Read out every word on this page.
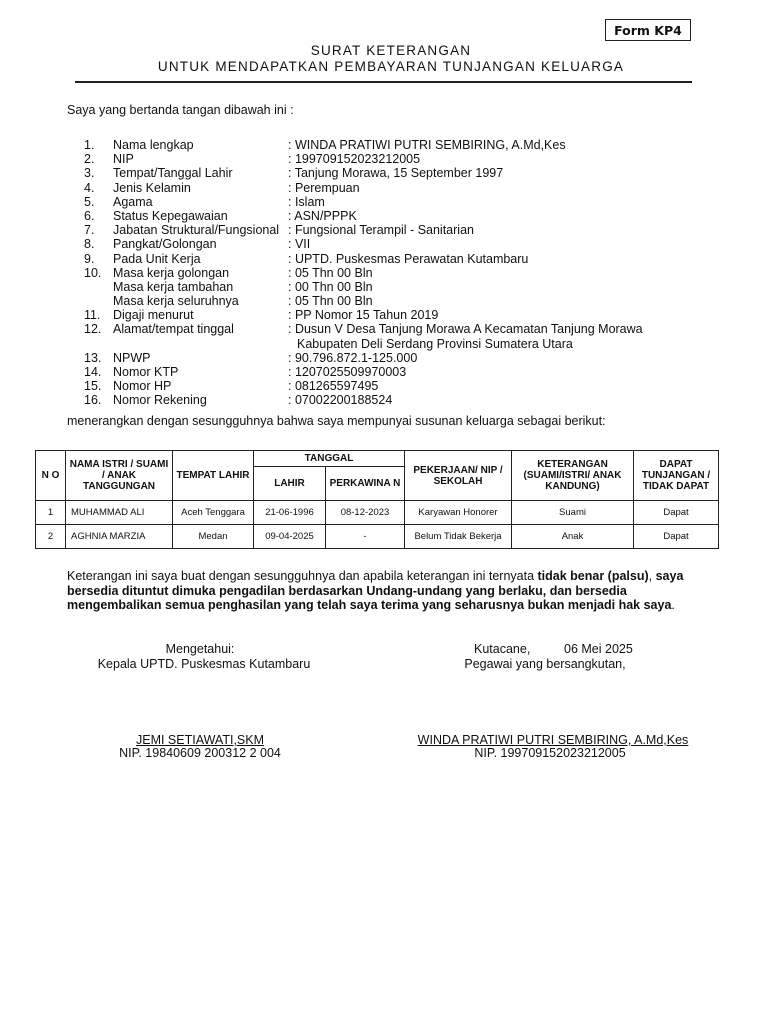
Form KP4
SURAT KETERANGAN
UNTUK MENDAPATKAN PEMBAYARAN TUNJANGAN KELUARGA
Saya yang bertanda tangan dibawah ini :
1. Nama lengkap	: WINDA PRATIWI PUTRI SEMBIRING, A.Md,Kes
2. NIP	: 199709152023212005
3. Tempat/Tanggal Lahir	: Tanjung Morawa, 15 September 1997
4. Jenis Kelamin	: Perempuan
5. Agama	: Islam
6. Status Kepegawaian	: ASN/PPPK
7. Jabatan Struktural/Fungsional : Fungsional Terampil - Sanitarian
8. Pangkat/Golongan	: VII
9. Pada Unit Kerja	: UPTD. Puskesmas Perawatan Kutambaru
10. Masa kerja golongan	: 05 Thn 00 Bln
Masa kerja tambahan	: 00 Thn 00 Bln
Masa kerja seluruhnya	: 05 Thn 00 Bln
11. Digaji menurut	: PP Nomor 15 Tahun 2019
12. Alamat/tempat tinggal	: Dusun V Desa Tanjung Morawa A Kecamatan Tanjung Morawa
Kabupaten Deli Serdang Provinsi Sumatera Utara
13. NPWP	: 90.796.872.1-125.000
14. Nomor KTP	: 1207025509970003
15. Nomor HP	: 081265597495
16. Nomor Rekening	: 07002200188524
menerangkan dengan sesungguhnya bahwa saya mempunyai susunan keluarga sebagai berikut:
N O	NAMA ISTRI / SUAMI / ANAK TANGGUNGAN	TEMPAT LAHIR	TANGGAL		PEKERJAAN/ NIP / SEKOLAH	KETERANGAN (SUAMI/ISTRI/ ANAK KANDUNG)	DAPAT TUNJANGAN / TIDAK DAPAT
			LAHIR	PERKAWINA N			
1	MUHAMMAD ALI	Aceh Tenggara	21-06-1996	08-12-2023	Karyawan Honorer	Suami	Dapat
2	AGHNIA MARZIA	Medan	09-04-2025	-	Belum Tidak Bekerja	Anak	Dapat
Keterangan ini saya buat dengan sesungguhnya dan apabila keterangan ini ternyata tidak benar (palsu), saya bersedia dituntut dimuka pengadilan berdasarkan Undang-undang yang berlaku, dan bersedia mengembalikan semua penghasilan yang telah saya terima yang seharusnya bukan menjadi hak saya.
Mengetahui:
Kepala UPTD. Puskesmas Kutambaru
JEMI SETIAWATI,SKM
NIP. 19840609 200312 2 004
Kutacane,	06 Mei 2025
Pegawai yang bersangkutan,
WINDA PRATIWI PUTRI SEMBIRING, A.Md,Kes
NIP. 199709152023212005
